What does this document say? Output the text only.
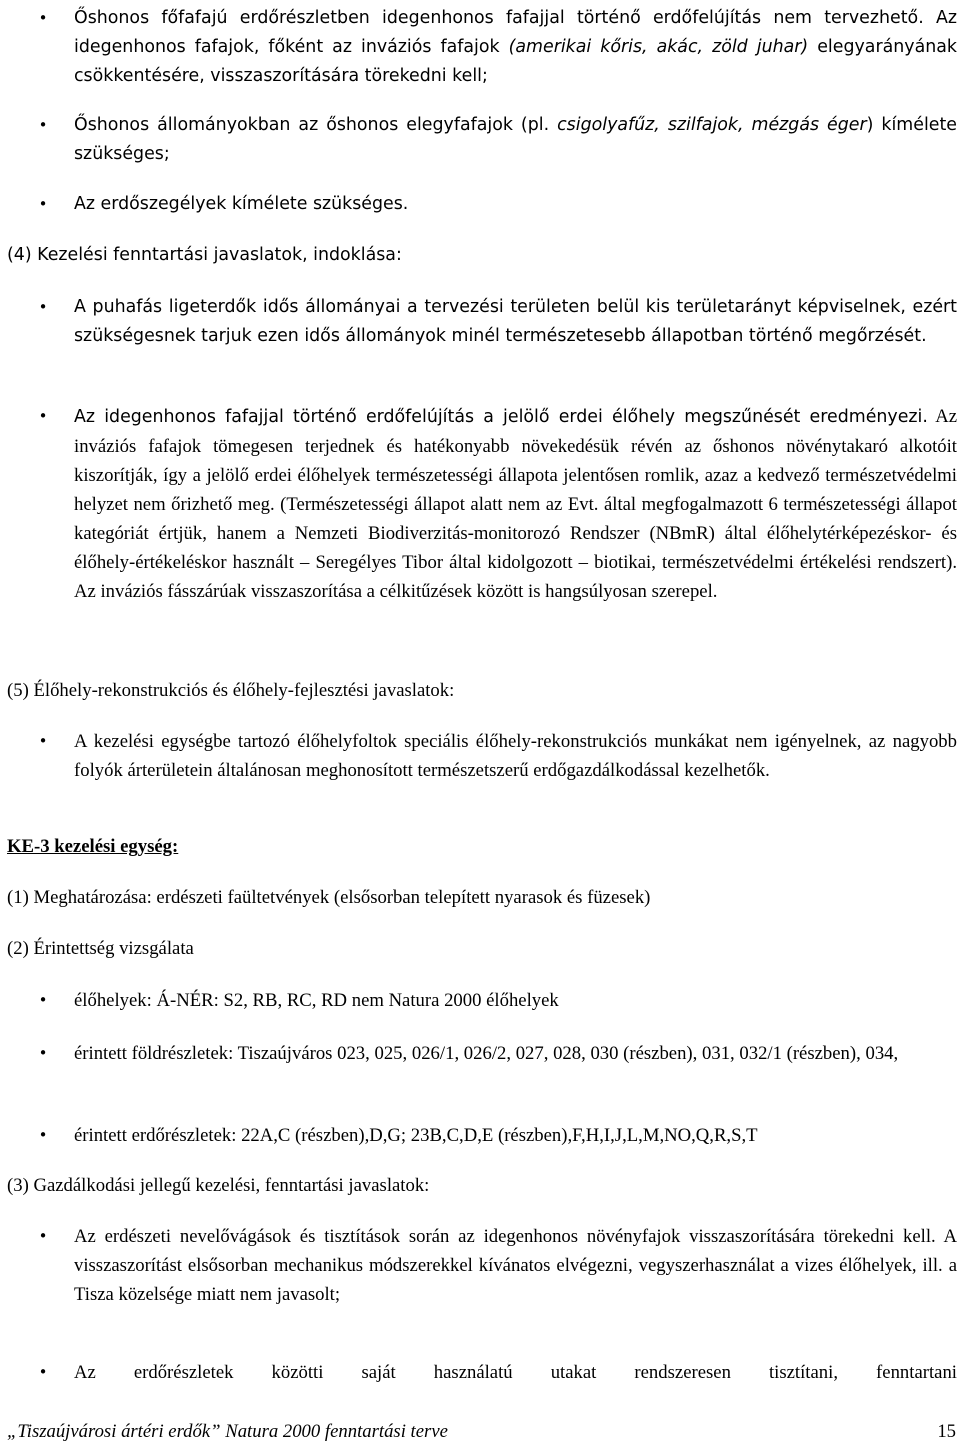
• Őshonos főfafajú erdőrészletben idegenhonos fafajjal történő erdőfelújítás nem tervezhető. Az idegenhonos fafajok, főként az inváziós fafajok (amerikai kőris, akác, zöld juhar) elegyarányának csökkentésére, visszaszorítására törekedni kell;

• Őshonos állományokban az őshonos elegyfafajok (pl. csigolyafűz, szilfajok, mézgás éger) kímélete szükséges;

• Az erdőszegélyek kímélete szükséges.

(4) Kezelési fenntartási javaslatok, indoklása:
• A puhafás ligeterdők idős állományai a tervezési területen belül kis területarányt képviselnek, ezért szükségesnek tarjuk ezen idős állományok minél természetesebb állapotban történő megőrzését.

• Az idegenhonos fafajjal történő erdőfelújítás a jelölő erdei élőhely megszűnését eredményezi. Az inváziós fafajok tömegesen terjednek és hatékonyabb növekedésük révén az őshonos növénytakaró alkotóit kiszorítják, így a jelölő erdei élőhelyek természetességi állapota jelentősen romlik, azaz a kedvező természetvédelmi helyzet nem őrizhető meg. (Természetességi állapot alatt nem az Evt. által megfogalmazott 6 természetességi állapot kategóriát értjük, hanem a Nemzeti Biodiverzitás-monitorozó Rendszer (NBmR) által élőhelytérképezéskor- és élőhely-értékeléskor használt – Seregélyes Tibor által kidolgozott – biotikai, természetvédelmi értékelési rendszert). Az inváziós fásszárúak visszaszorítása a célkitűzések között is hangsúlyosan szerepel.

(5) Élőhely-rekonstrukciós és élőhely-fejlesztési javaslatok:
• A kezelési egységbe tartozó élőhelyfoltok speciális élőhely-rekonstrukciós munkákat nem igényelnek, az nagyobb folyók árterületein általánosan meghonosított természetszerű erdőgazdálkodással kezelhetők.

KE-3 kezelési egység:
(1) Meghatározása: erdészeti faültetvények (elsősorban telepített nyarasok és füzesek)
(2) Érintettség vizsgálata
• élőhelyek: Á-NÉR: S2, RB, RC, RD nem Natura 2000 élőhelyek

• érintett földrészletek: Tiszaújváros 023, 025, 026/1, 026/2, 027, 028, 030 (részben), 031, 032/1 (részben), 034,

• érintett erdőrészletek: 22A,C (részben),D,G; 23B,C,D,E (részben),F,H,I,J,L,M,NO,Q,R,S,T

(3) Gazdálkodási jellegű kezelési, fenntartási javaslatok:
• Az erdészeti nevelővágások és tisztítások során az idegenhonos növényfajok visszaszorítására törekedni kell. A visszaszorítást elsősorban mechanikus módszerekkel kívánatos elvégezni, vegyszerhasználat a vizes élőhelyek, ill. a Tisza közelsége miatt nem javasolt;

• Az erdőrészletek közötti saját használatú utakat rendszeresen tisztítani, fenntartani

„Tiszaújvárosi ártéri erdők” Natura 2000 fenntartási terve	15
